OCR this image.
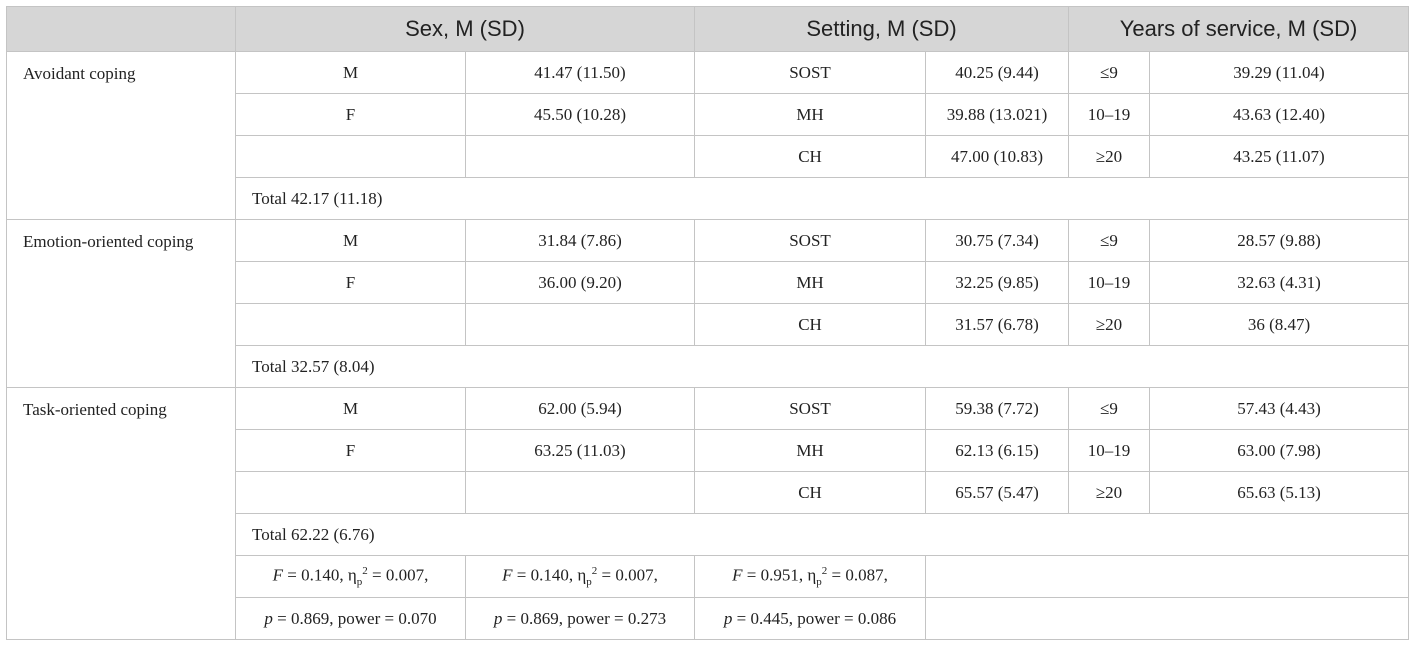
	Sex, M (SD)		Setting, M (SD)		Years of service, M (SD)	
Avoidant coping	M	41.47 (11.50)	SOST	40.25 (9.44)	≤9	39.29 (11.04)
	F	45.50 (10.28)	MH	39.88 (13.021)	10–19	43.63 (12.40)
			CH	47.00 (10.83)	≥20	43.25 (11.07)
	Total 42.17 (11.18)					
Emotion-oriented coping	M	31.84 (7.86)	SOST	30.75 (7.34)	≤9	28.57 (9.88)
	F	36.00 (9.20)	MH	32.25 (9.85)	10–19	32.63 (4.31)
			CH	31.57 (6.78)	≥20	36 (8.47)
	Total 32.57 (8.04)					
Task-oriented coping	M	62.00 (5.94)	SOST	59.38 (7.72)	≤9	57.43 (4.43)
	F	63.25 (11.03)	MH	62.13 (6.15)	10–19	63.00 (7.98)
			CH	65.57 (5.47)	≥20	65.63 (5.13)
	Total 62.22 (6.76)					
	F = 0.140, $\eta_p^2 = 0.007$,	F = 0.140, $\eta_p^2 = 0.007$,	F = 0.951, $\eta_p^2 = 0.087$,			
	p = 0.869, power = 0.070	p = 0.869, power = 0.273	p = 0.445, power = 0.086			
